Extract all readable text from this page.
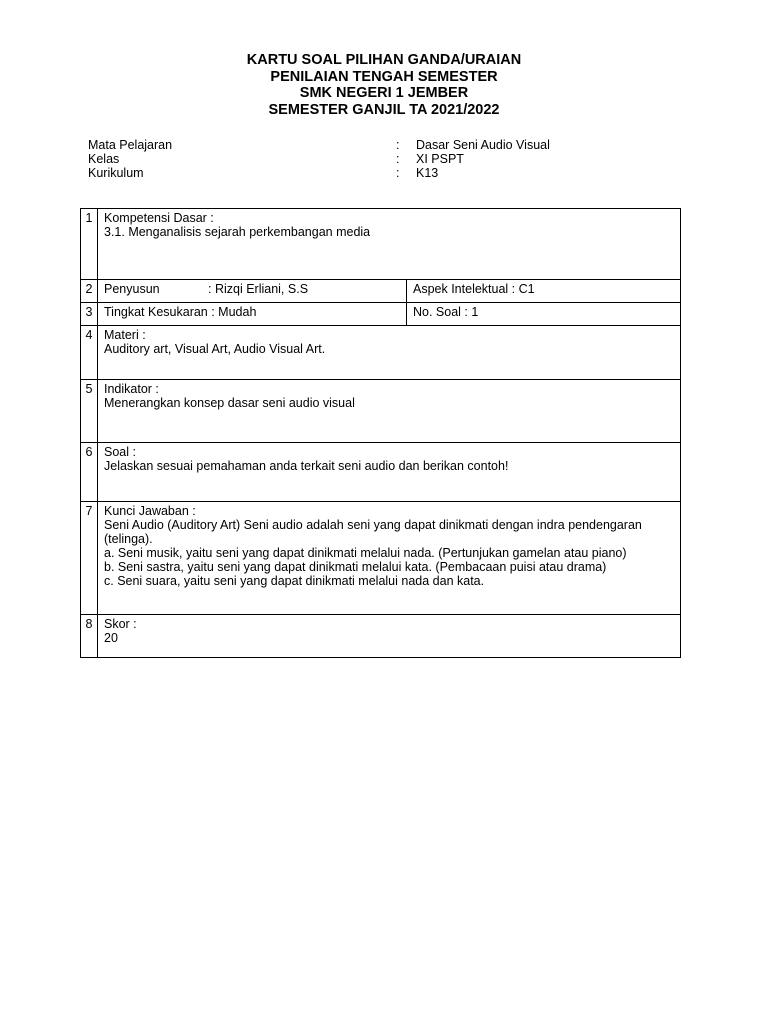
KARTU SOAL PILIHAN GANDA/URAIAN
PENILAIAN TENGAH SEMESTER
SMK NEGERI 1 JEMBER
SEMESTER GANJIL TA 2021/2022
Mata Pelajaran	:	Dasar Seni Audio Visual
Kelas	:	XI PSPT
Kurikulum	:	K13
1	Kompetensi Dasar :
3.1. Menganalisis sejarah perkembangan media	

2	Penyusun : Rizqi Erliani, S.S	Aspek Intelektual : C1
3	Tingkat Kesukaran : Mudah	No. Soal : 1
4	Materi :
Auditory art, Visual Art, Audio Visual Art.	

5	Indikator :
Menerangkan konsep dasar seni audio visual	

6	Soal :
Jelaskan sesuai pemahaman anda terkait seni audio dan berikan contoh!	

7	Kunci Jawaban :
Seni Audio (Auditory Art) Seni audio adalah seni yang dapat dinikmati dengan indra pendengaran (telinga).
a. Seni musik, yaitu seni yang dapat dinikmati melalui nada. (Pertunjukan gamelan atau piano)
b. Seni sastra, yaitu seni yang dapat dinikmati melalui kata. (Pembacaan puisi atau drama)
c. Seni suara, yaitu seni yang dapat dinikmati melalui nada dan kata.	

8	Skor :
20	
